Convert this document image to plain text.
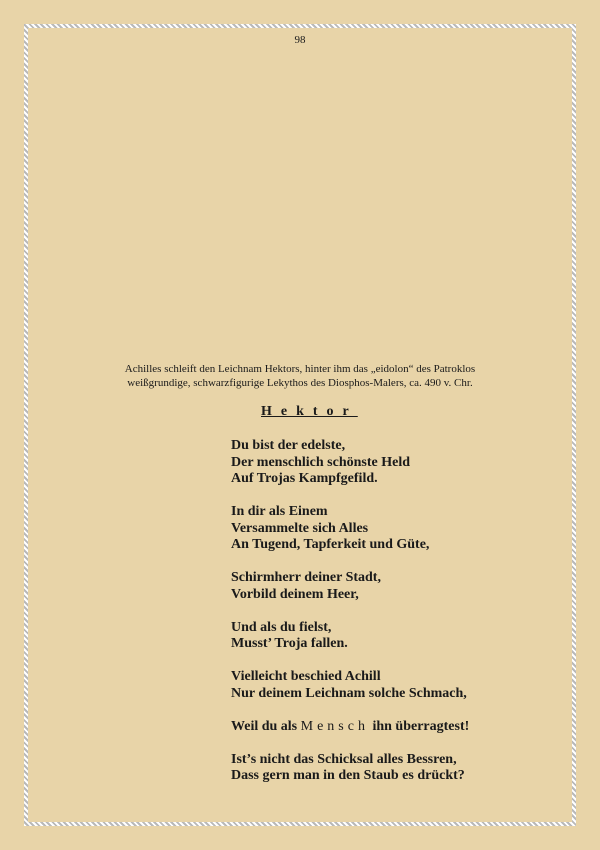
98
Achilles schleift den Leichnam Hektors, hinter ihm das „eidolon“ des Patroklos
weißgrundige, schwarzfigurige Lekythos des Diosphos-Malers, ca. 490 v. Chr.
Hektor
Du bist der edelste,
Der menschlich schönste Held
Auf Trojas Kampfgefild.
In dir als Einem
Versammelte sich Alles
An Tugend, Tapferkeit und Güte,
Schirmherr deiner Stadt,
Vorbild deinem Heer,
Und als du fielst,
Musst’ Troja fallen.
Vielleicht beschied Achill
Nur deinem Leichnam solche Schmach,
Weil du als Mensch ihn überragtest!
Ist’s nicht das Schicksal alles Bessren,
Dass gern man in den Staub es drückt?
